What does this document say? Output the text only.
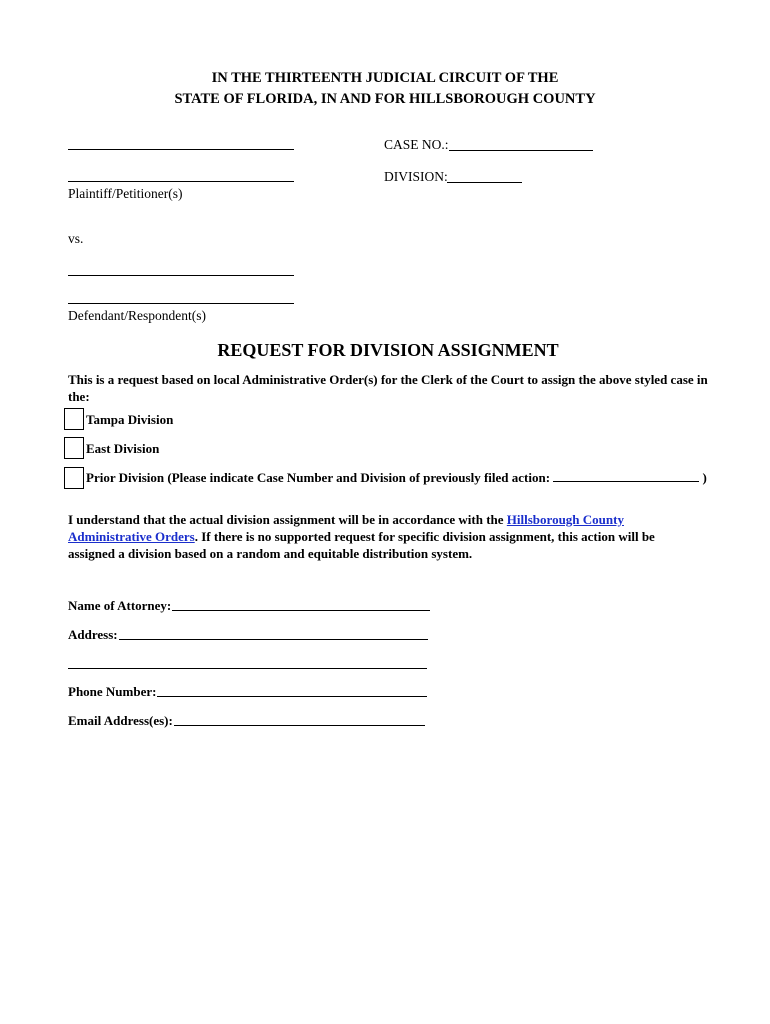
IN THE THIRTEENTH JUDICIAL CIRCUIT OF THE
STATE OF FLORIDA, IN AND FOR HILLSBOROUGH COUNTY
Plaintiff/Petitioner(s)
vs.
Defendant/Respondent(s)
CASE NO.:
DIVISION:
REQUEST FOR DIVISION ASSIGNMENT
This is a request based on local Administrative Order(s) for the Clerk of the Court to assign the above styled case in the:
Tampa Division
East Division
Prior Division (Please indicate Case Number and Division of previously filed action:	)
I understand that the actual division assignment will be in accordance with the Hillsborough County Administrative Orders. If there is no supported request for specific division assignment, this action will be assigned a division based on a random and equitable distribution system.
Name of Attorney:
Address:
Phone Number:
Email Address(es):
